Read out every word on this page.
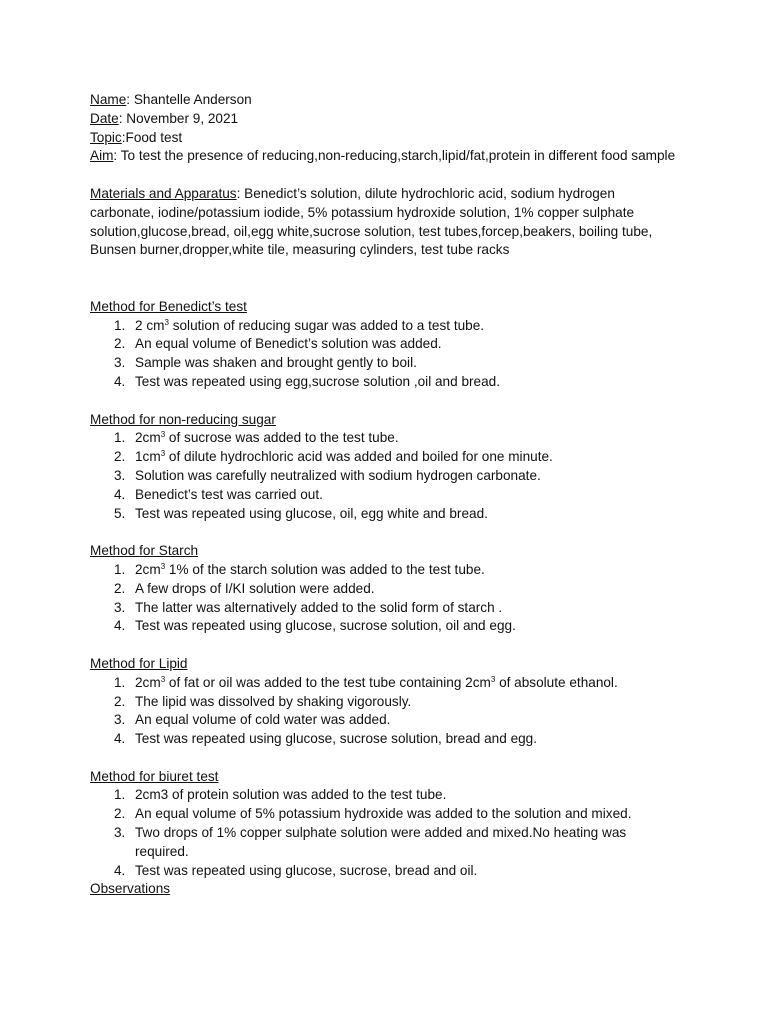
Name: Shantelle Anderson

Date: November 9, 2021

Topic:Food test

Aim: To test the presence of reducing,non-reducing,starch,lipid/fat,protein in different food sample

Materials and Apparatus: Benedict’s solution, dilute hydrochloric acid, sodium hydrogen carbonate, iodine/potassium iodide, 5% potassium hydroxide solution, 1% copper sulphate solution,glucose,bread, oil,egg white,sucrose solution, test tubes,forcep,beakers, boiling tube, Bunsen burner,dropper,white tile, measuring cylinders, test tube racks

Method for Benedict’s test

1. 2 $cm^3$ solution of reducing sugar was added to a test tube.
2. An equal volume of Benedict’s solution was added.
3. Sample was shaken and brought gently to boil.
4. Test was repeated using egg,sucrose solution ,oil and bread.

Method for non-reducing sugar

1. $2cm^3$ of sucrose was added to the test tube.
2. $1cm^3$ of dilute hydrochloric acid was added and boiled for one minute.
3. Solution was carefully neutralized with sodium hydrogen carbonate.
4. Benedict’s test was carried out.
5. Test was repeated using glucose, oil, egg white and bread.

Method for Starch

1. $2cm^3$ 1% of the starch solution was added to the test tube.
2. A few drops of I/KI solution were added.
3. The latter was alternatively added to the solid form of starch .
4. Test was repeated using glucose, sucrose solution, oil and egg.

Method for Lipid

1. $2cm^3$ of fat or oil was added to the test tube containing $2cm^3$ of absolute ethanol.
2. The lipid was dissolved by shaking vigorously.
3. An equal volume of cold water was added.
4. Test was repeated using glucose, sucrose solution, bread and egg.

Method for biuret test

1. 2cm3 of protein solution was added to the test tube.
2. An equal volume of 5% potassium hydroxide was added to the solution and mixed.
3. Two drops of 1% copper sulphate solution were added and mixed.No heating was required.
4. Test was repeated using glucose, sucrose, bread and oil.

Observations
